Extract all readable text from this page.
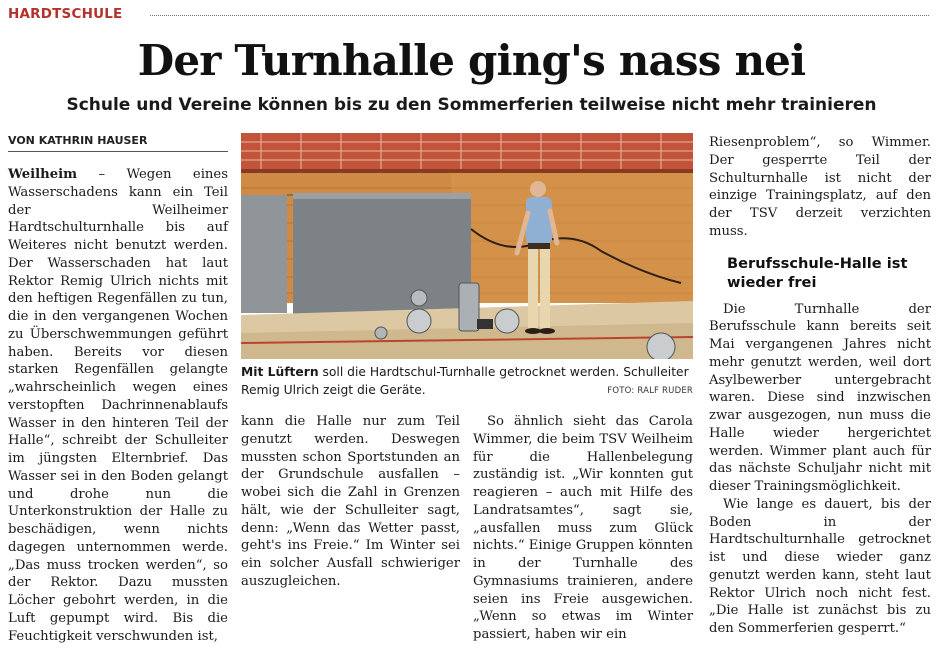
HARDTSCHULE
Der Turnhalle ging's nass nei
Schule und Vereine können bis zu den Sommerferien teilweise nicht mehr trainieren
VON KATHRIN HAUSER

Weilheim – Wegen eines Wasserschadens kann ein Teil der Weilheimer Hardtschulturnhalle bis auf Weiteres nicht benutzt werden. Der Wasserschaden hat laut Rektor Remig Ulrich nichts mit den heftigen Regenfällen zu tun, die in den vergangenen Wochen zu Überschwemmungen geführt haben. Bereits vor diesen starken Regenfällen gelangte „wahrscheinlich wegen eines verstopften Dachrinnenablaufs Wasser in den hinteren Teil der Halle“, schreibt der Schulleiter im jüngsten Elternbrief. Das Wasser sei in den Boden gelangt und drohe nun die Unterkonstruktion der Halle zu beschädigen, wenn nichts dagegen unternommen werde. „Das muss trocken werden“, so der Rektor. Dazu mussten Löcher gebohrt werden, in die Luft gepumpt wird. Bis die Feuchtigkeit verschwunden ist,

kann die Halle nur zum Teil genutzt werden. Deswegen mussten schon Sportstunden an der Grundschule ausfallen – wobei sich die Zahl in Grenzen hält, wie der Schulleiter sagt, denn: „Wenn das Wetter passt, geht's ins Freie.“ Im Winter sei ein solcher Ausfall schwieriger auszugleichen.

So ähnlich sieht das Carola Wimmer, die beim TSV Weilheim für die Hallenbelegung zuständig ist. „Wir konnten gut reagieren – auch mit Hilfe des Landratsamtes“, sagt sie, „ausfallen muss zum Glück nichts.“ Einige Gruppen könnten in der Turnhalle des Gymnasiums trainieren, andere seien ins Freie ausgewichen. „Wenn so etwas im Winter passiert, haben wir ein

Riesenproblem“, so Wimmer. Der gesperrte Teil der Schulturnhalle ist nicht der einzige Trainingsplatz, auf den der TSV derzeit verzichten muss.

Berufsschule-Halle ist wieder frei

Die Turnhalle der Berufsschule kann bereits seit Mai vergangenen Jahres nicht mehr genutzt werden, weil dort Asylbewerber untergebracht waren. Diese sind inzwischen zwar ausgezogen, nun muss die Halle wieder hergerichtet werden. Wimmer plant auch für das nächste Schuljahr nicht mit dieser Trainingsmöglichkeit.

Wie lange es dauert, bis der Boden in der Hardtschulturnhalle getrocknet ist und diese wieder ganz genutzt werden kann, steht laut Rektor Ulrich noch nicht fest. „Die Halle ist zunächst bis zu den Sommerferien gesperrt.“

Mit Lüftern soll die Hardtschul-Turnhalle getrocknet werden. Schulleiter Remig Ulrich zeigt die Geräte.	FOTO: RALF RUDER
